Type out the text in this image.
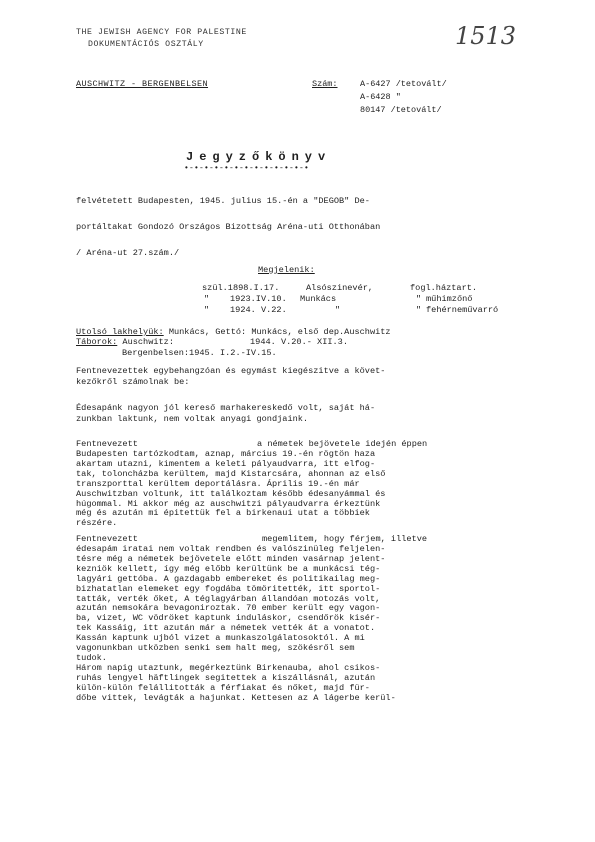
THE JEWISH AGENCY FOR PALESTINE
DOKUMENTÁCIÓS OSZTÁLY	1513
AUSCHWITZ - BERGENBELSEN	Szám:	A-6427 /tetovált/
A-6428 "
80147 /tetovált/
Jegyzőkönyv
•-•-•-•-•-•-•-•-•-•-•-•-•
felvétetett Budapesten, 1945. julius 15.-én a "DEGOB" De-
portáltakat Gondozó Országos Bizottság Aréna-uti Otthonában
/ Aréna-ut 27.szám./
Megjelenik:
szül.1898.I.17.	Alsószinevér,	fogl.háztart.
" 1923.IV.10. Munkács	" műhimzőnő
" 1924. V.22.	"	" fehérneművarró
Utolsó lakhelyük: Munkács, Gettó: Munkács, első dep.Auschwitz
Táborok: Auschwitz:	1944. V.20.- XII.3.
Bergenbelsen:1945. I.2.-IV.15.
Fentnevezettek egybehangzóan és egymást kiegészitve a követ-
kezőkről számolnak be:
Édesapánk nagyon jól kereső marhakereskedő volt, saját há-
zunkban laktunk, nem voltak anyagi gondjaink.
Fentnevezett	a németek bejövetele idején éppen
Budapesten tartózkodtam, aznap, március 19.-én rögtön haza
akartam utazni, kimentem a keleti pályaudvarra, itt elfog-
tak, toloncházba kerültem, majd Kistarcsára, ahonnan az első
transzporttal kerültem deportálásra. Április 19.-én már
Auschwitzban voltunk, itt találkoztam később édesanyámmal és
húgommal. Mi akkor még az auschwitzi pályaudvarra érkeztünk
még és azután mi épitettük fel a birkenaui utat a többiek
részére.
Fentnevezett	megemlitem, hogy férjem, illetve
édesapám iratai nem voltak rendben és valószinüleg feljelen-
tésre még a németek bejövetele előtt minden vasárnap jelent-
kezniök kellett, így még előbb kerültünk be a munkácsi tég-
lagyári gettóba. A gazdagabb embereket és politikailag meg-
bizhatatlan elemeket egy fogdába tömöritették, itt sportol-
tatták, verték őket, A téglagyárban állandóan motozás volt,
azután nemsokára bevagoniroztak. 70 ember került egy vagon-
ba, vizet, WC vödröket kaptunk induláskor, csendőrök kisér-
tek Kassáig, itt azután már a németek vették át a vonatot.
Kassán kaptunk ujból vizet a munkaszolgálatosoktól. A mi
vagonunkban utközben senki sem halt meg, szökésről sem
tudok.
Három napig utaztunk, megérkeztünk Birkenauba, ahol csikos-
ruhás lengyel häftlingek segitettek a kiszállásnál, azután
külön-külön felállitották a férfiakat és nőket, majd für-
dőbe vittek, levágták a hajunkat. Kettesen az A lágerbe kerül-
